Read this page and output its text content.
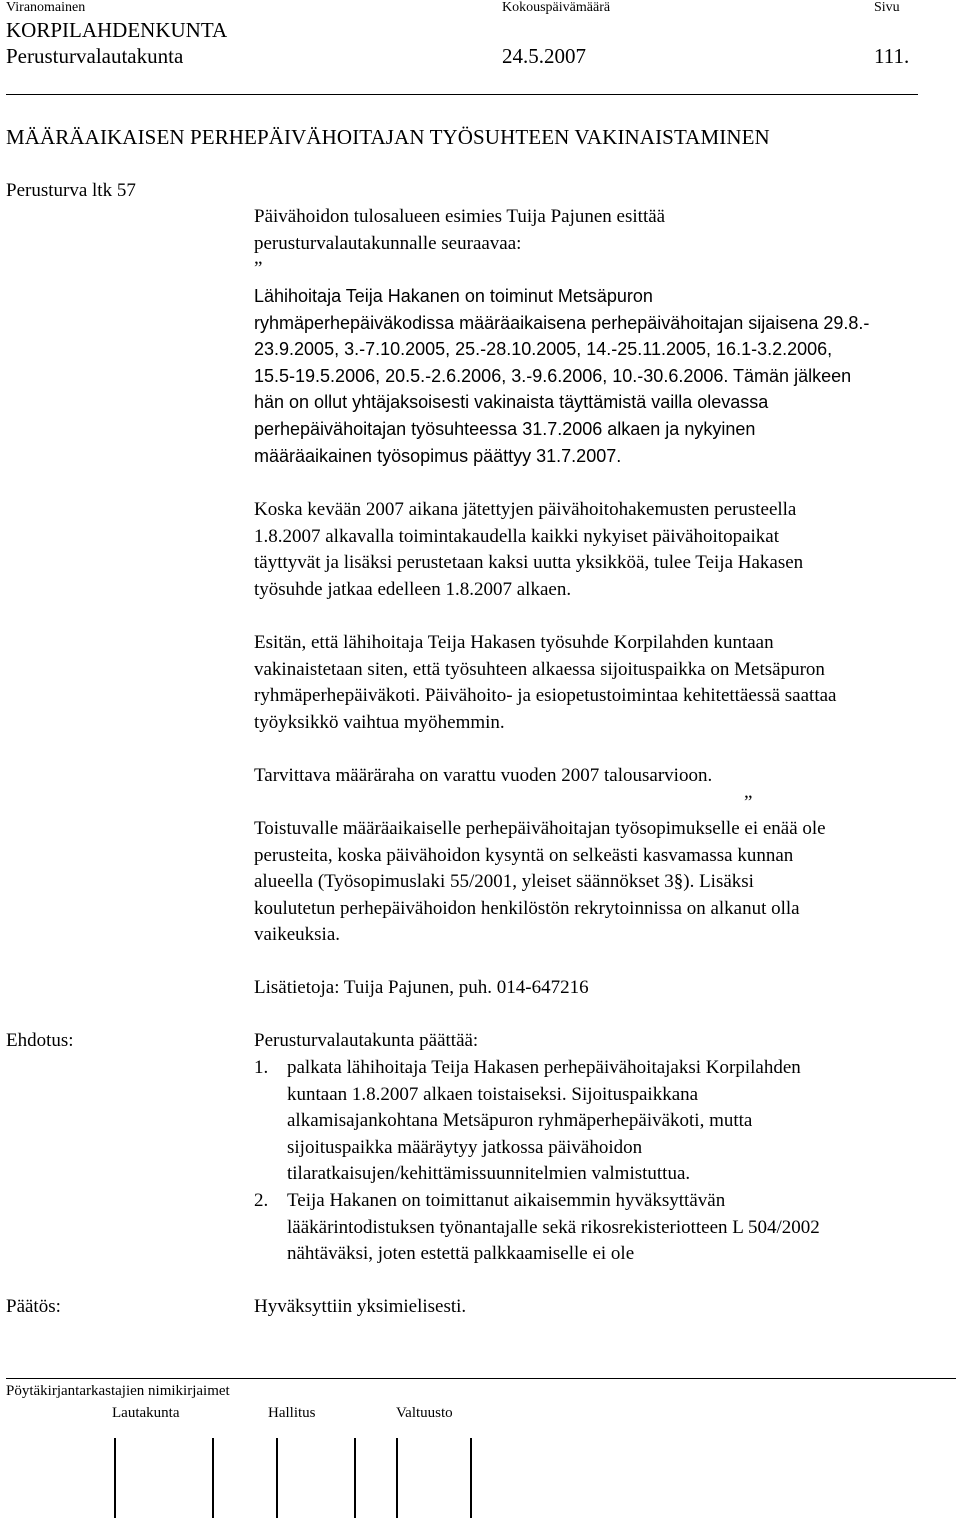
Viranomainen	Kokouspäivämäärä	Sivu
KORPILAHDENKUNTA
Perusturvalautakunta	24.5.2007	111.
MÄÄRÄAIKAISEN PERHEPÄIVÄHOITAJAN TYÖSUHTEEN VAKINAISTAMINEN
Perusturva ltk 57
Päivähoidon tulosalueen esimies Tuija Pajunen esittää
perusturvalautakunnalle seuraavaa:
”
Lähihoitaja Teija Hakanen on toiminut Metsäpuron
ryhmäperhepäiväkodissa määräaikaisena perhepäivähoitajan sijaisena 29.8.-
23.9.2005, 3.-7.10.2005, 25.-28.10.2005, 14.-25.11.2005, 16.1-3.2.2006,
15.5-19.5.2006, 20.5.-2.6.2006, 3.-9.6.2006, 10.-30.6.2006. Tämän jälkeen
hän on ollut yhtäjaksoisesti vakinaista täyttämistä vailla olevassa
perhepäivähoitajan työsuhteessa 31.7.2006 alkaen ja nykyinen
määräaikainen työsopimus päättyy 31.7.2007.
Koska kevään 2007 aikana jätettyjen päivähoitohakemusten perusteella
1.8.2007 alkavalla toimintakaudella kaikki nykyiset päivähoitopaikat
täyttyvät ja lisäksi perustetaan kaksi uutta yksikköä, tulee Teija Hakasen
työsuhde jatkaa edelleen 1.8.2007 alkaen.
Esitän, että lähihoitaja Teija Hakasen työsuhde Korpilahden kuntaan
vakinaistetaan siten, että työsuhteen alkaessa sijoituspaikka on Metsäpuron
ryhmäperhepäiväkoti. Päivähoito- ja esiopetustoimintaa kehitettäessä saattaa
työyksikkö vaihtua myöhemmin.
Tarvittava määräraha on varattu vuoden 2007 talousarvioon.
”
Toistuvalle määräaikaiselle perhepäivähoitajan työsopimukselle ei enää ole
perusteita, koska päivähoidon kysyntä on selkeästi kasvamassa kunnan
alueella (Työsopimuslaki 55/2001, yleiset säännökset 3§). Lisäksi
koulutetun perhepäivähoidon henkilöstön rekrytoinnissa on alkanut olla
vaikeuksia.
Lisätietoja: Tuija Pajunen, puh. 014-647216
Ehdotus:	Perusturvalautakunta päättää:
1. palkata lähihoitaja Teija Hakasen perhepäivähoitajaksi Korpilahden
kuntaan 1.8.2007 alkaen toistaiseksi. Sijoituspaikkana
alkamisajankohtana Metsäpuron ryhmäperhepäiväkoti, mutta
sijoituspaikka määräytyy jatkossa päivähoidon
tilaratkaisujen/kehittämissuunnitelmien valmistuttua.
2. Teija Hakanen on toimittanut aikaisemmin hyväksyttävän
lääkärintodistuksen työnantajalle sekä rikosrekisteriotteen L 504/2002
nähtäväksi, joten estettä palkkaamiselle ei ole
Päätös:	Hyväksyttiin yksimielisesti.
Pöytäkirjantarkastajien nimikirjaimet
Lautakunta	Hallitus	Valtuusto
